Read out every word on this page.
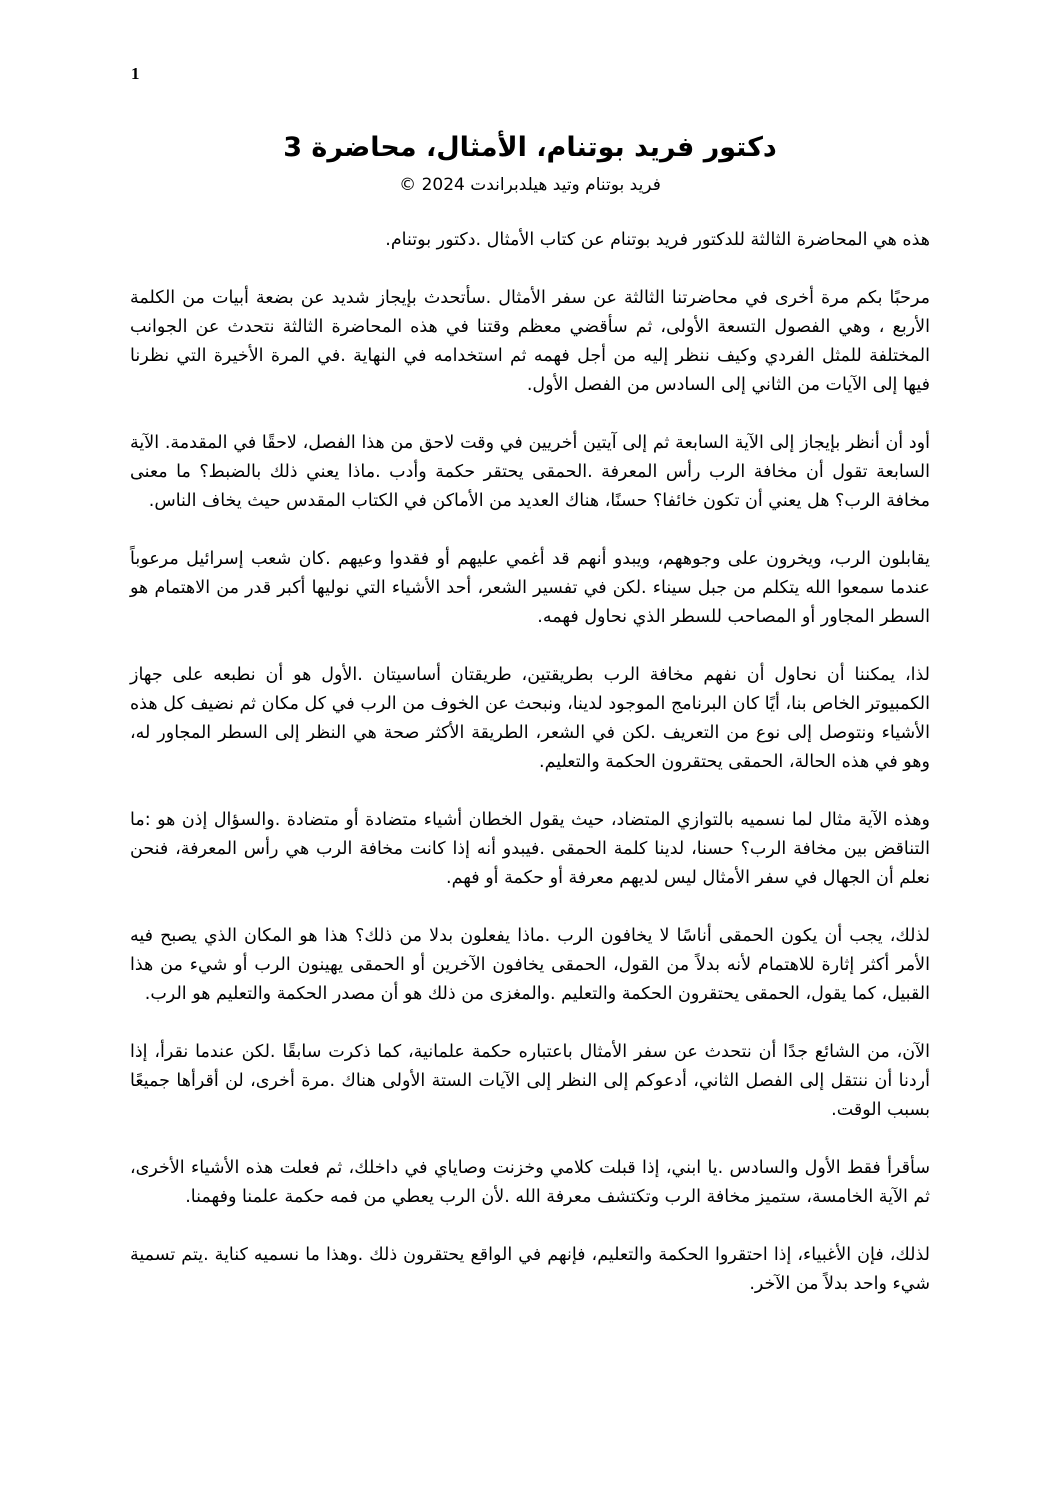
1
دكتور فريد بوتنام، الأمثال، محاضرة 3
فريد بوتنام وتيد هيلدبراندت 2024 ©

هذه هي المحاضرة الثالثة للدكتور فريد بوتنام عن كتاب الأمثال .دكتور بوتنام.

مرحبًا بكم مرة أخرى في محاضرتنا الثالثة عن سفر الأمثال .سأتحدث بإيجاز شديد عن بضعة أبيات من الكلمة الأربع ، وهي الفصول التسعة الأولى، ثم سأقضي معظم وقتنا في هذه المحاضرة الثالثة نتحدث عن الجوانب المختلفة للمثل الفردي وكيف ننظر إليه من أجل فهمه ثم استخدامه في النهاية .في المرة الأخيرة التي نظرنا فيها إلى الآيات من الثاني إلى السادس من الفصل الأول.

أود أن أنظر بإيجاز إلى الآية السابعة ثم إلى آيتين أخريين في وقت لاحق من هذا الفصل، لاحقًا في المقدمة. الآية السابعة تقول أن مخافة الرب رأس المعرفة .الحمقى يحتقر حكمة وأدب .ماذا يعني ذلك بالضبط؟ ما معنى مخافة الرب؟ هل يعني أن تكون خائفا؟ حسنًا، هناك العديد من الأماكن في الكتاب المقدس حيث يخاف الناس.

يقابلون الرب، ويخرون على وجوههم، ويبدو أنهم قد أغمي عليهم أو فقدوا وعيهم .كان شعب إسرائيل مرعوباً عندما سمعوا الله يتكلم من جبل سيناء .لكن في تفسير الشعر، أحد الأشياء التي نوليها أكبر قدر من الاهتمام هو السطر المجاور أو المصاحب للسطر الذي نحاول فهمه.

لذا، يمكننا أن نحاول أن نفهم مخافة الرب بطريقتين، طريقتان أساسيتان .الأول هو أن نطبعه على جهاز الكمبيوتر الخاص بنا، أيًا كان البرنامج الموجود لدينا، ونبحث عن الخوف من الرب في كل مكان ثم نضيف كل هذه الأشياء ونتوصل إلى نوع من التعريف .لكن في الشعر، الطريقة الأكثر صحة هي النظر إلى السطر المجاور له، وهو في هذه الحالة، الحمقى يحتقرون الحكمة والتعليم.

وهذه الآية مثال لما نسميه بالتوازي المتضاد، حيث يقول الخطان أشياء متضادة أو متضادة .والسؤال إذن هو :ما التناقض بين مخافة الرب؟ حسنا، لدينا كلمة الحمقى .فيبدو أنه إذا كانت مخافة الرب هي رأس المعرفة، فنحن نعلم أن الجهال في سفر الأمثال ليس لديهم معرفة أو حكمة أو فهم.

لذلك، يجب أن يكون الحمقى أناسًا لا يخافون الرب .ماذا يفعلون بدلا من ذلك؟ هذا هو المكان الذي يصبح فيه الأمر أكثر إثارة للاهتمام لأنه بدلاً من القول، الحمقى يخافون الآخرين أو الحمقى يهينون الرب أو شيء من هذا القبيل، كما يقول، الحمقى يحتقرون الحكمة والتعليم .والمغزى من ذلك هو أن مصدر الحكمة والتعليم هو الرب.

الآن، من الشائع جدًا أن نتحدث عن سفر الأمثال باعتباره حكمة علمانية، كما ذكرت سابقًا .لكن عندما نقرأ، إذا أردنا أن ننتقل إلى الفصل الثاني، أدعوكم إلى النظر إلى الآيات الستة الأولى هناك .مرة أخرى، لن أقرأها جميعًا بسبب الوقت.

سأقرأ فقط الأول والسادس .يا ابني، إذا قبلت كلامي وخزنت وصاياي في داخلك، ثم فعلت هذه الأشياء الأخرى، ثم الآية الخامسة، ستميز مخافة الرب وتكتشف معرفة الله .لأن الرب يعطي من فمه حكمة علمنا وفهمنا.

لذلك، فإن الأغبياء، إذا احتقروا الحكمة والتعليم، فإنهم في الواقع يحتقرون ذلك .وهذا ما نسميه كناية .يتم تسمية شيء واحد بدلاً من الآخر.
